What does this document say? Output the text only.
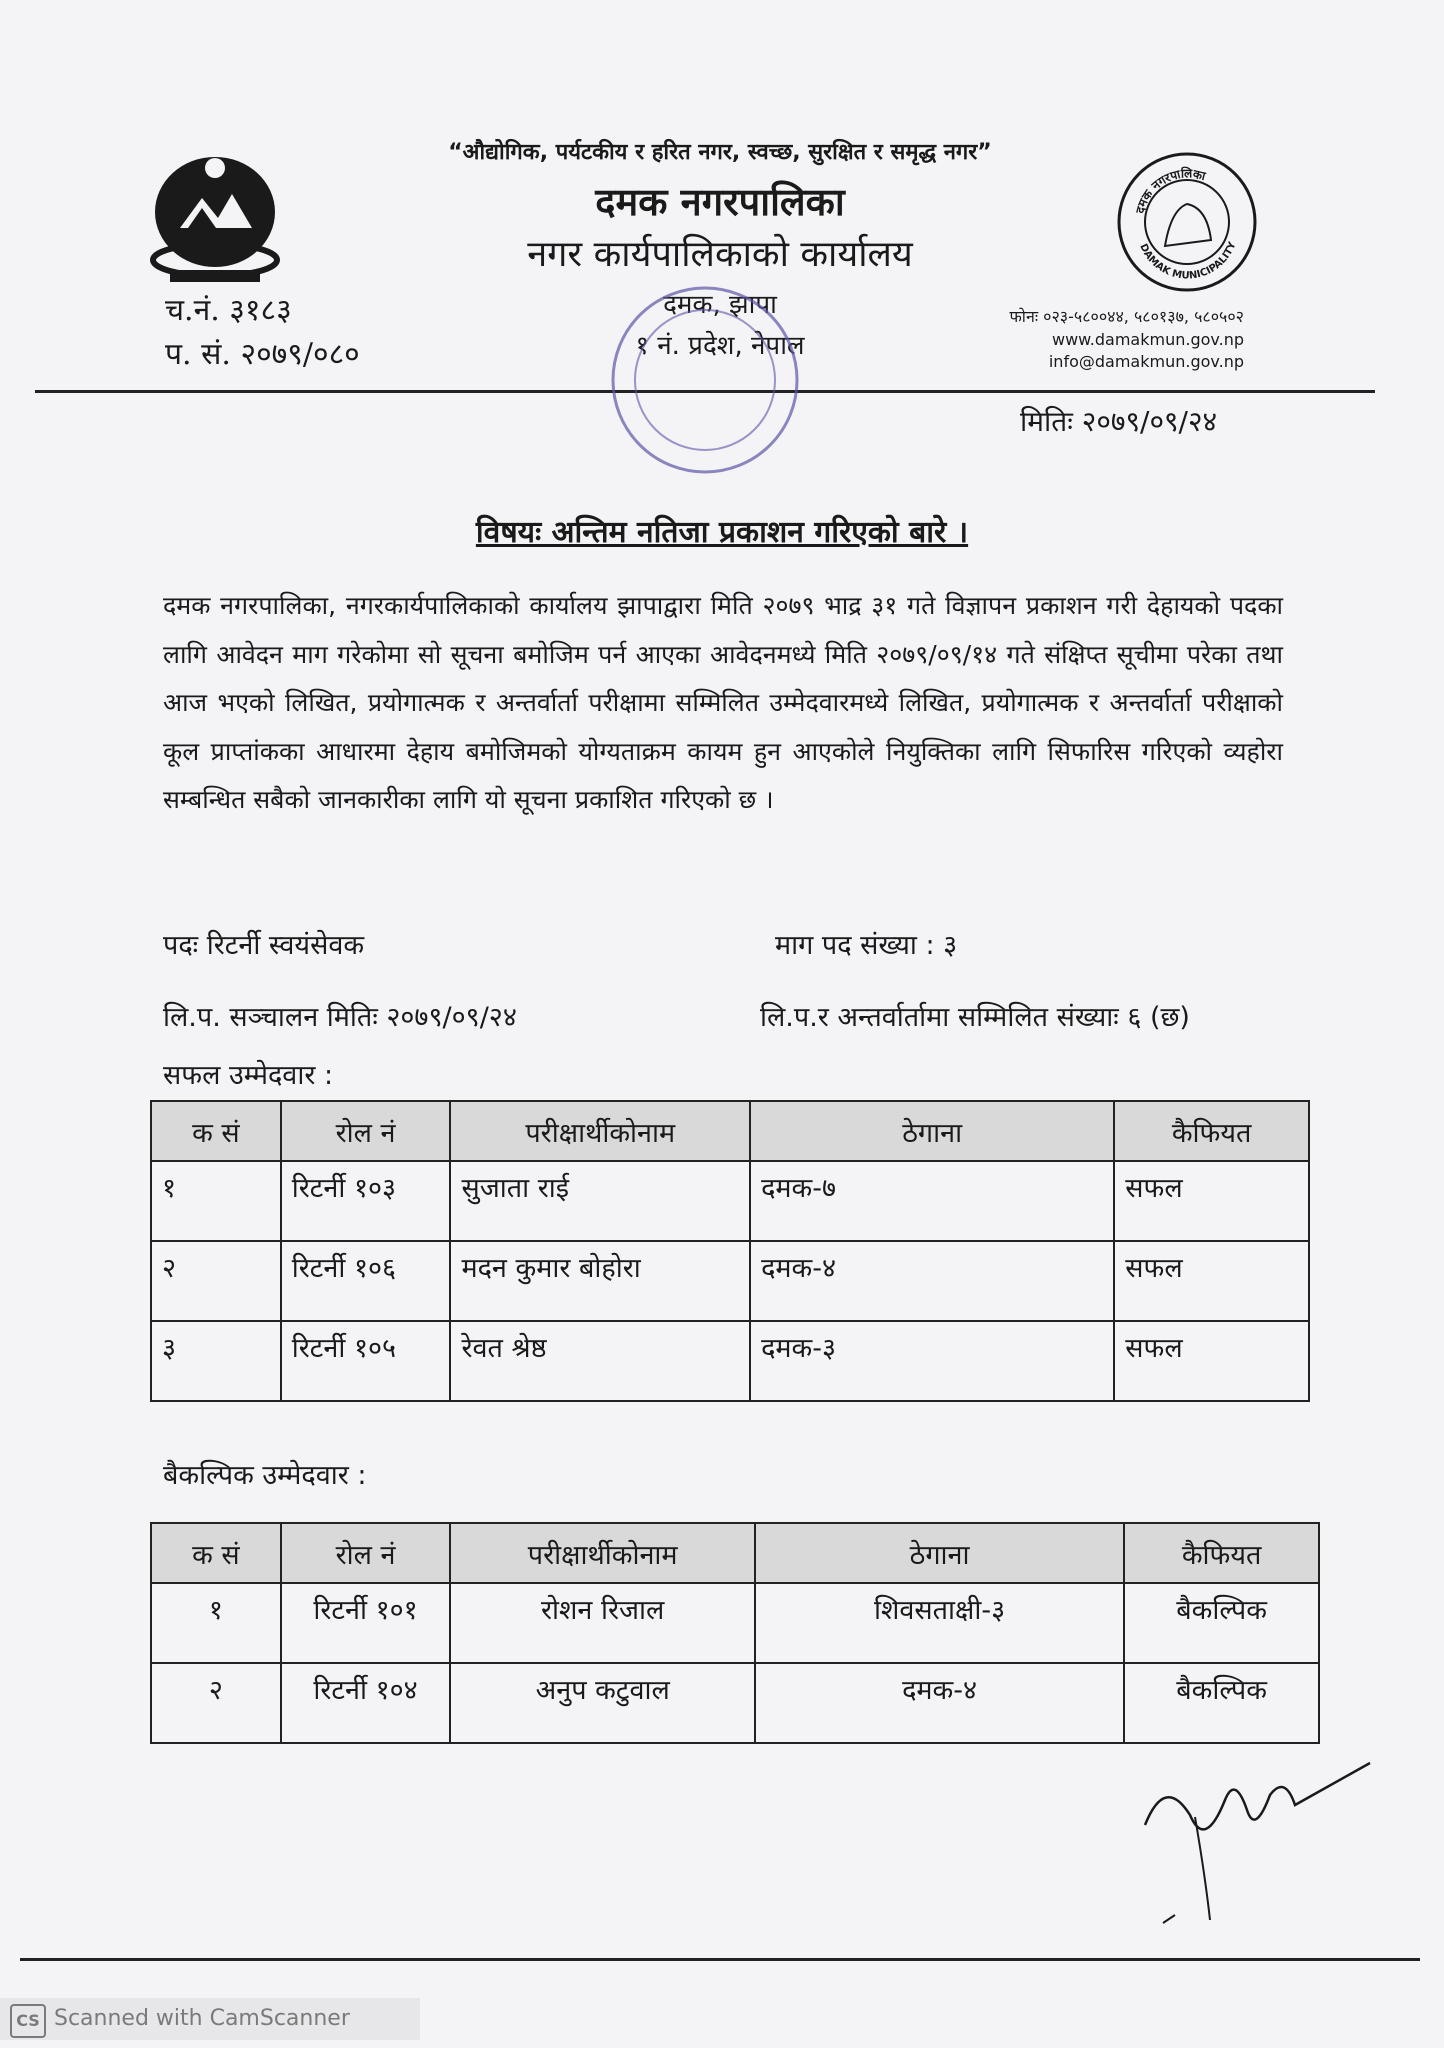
“औद्योगिक, पर्यटकीय र हरित नगर, स्वच्छ, सुरक्षित र समृद्ध नगर”
दमक नगरपालिका
नगर कार्यपालिकाको कार्यालय
दमक, झापा
१ नं. प्रदेश, नेपाल
दमक नगरपालिका
DAMAK MUNICIPALITY
च.नं. ३१८३
प. सं. २०७९/०८०
फोनः ०२३-५८००४४, ५८०१३७, ५८०५०२
www.damakmun.gov.np
info@damakmun.gov.np
मितिः २०७९/०९/२४
विषयः अन्तिम नतिजा प्रकाशन गरिएको बारे ।
दमक नगरपालिका, नगरकार्यपालिकाको कार्यालय झापाद्वारा मिति २०७९ भाद्र ३१ गते विज्ञापन प्रकाशन गरी देहायको पदका लागि आवेदन माग गरेकोमा सो सूचना बमोजिम पर्न आएका आवेदनमध्ये मिति २०७९/०९/१४ गते संक्षिप्त सूचीमा परेका तथा आज भएको लिखित, प्रयोगात्मक र अन्तर्वार्ता परीक्षामा सम्मिलित उम्मेदवारमध्ये लिखित, प्रयोगात्मक र अन्तर्वार्ता परीक्षाको कूल प्राप्तांकका आधारमा देहाय बमोजिमको योग्यताक्रम कायम हुन आएकोले नियुक्तिका लागि सिफारिस गरिएको व्यहोरा सम्बन्धित सबैको जानकारीका लागि यो सूचना प्रकाशित गरिएको छ ।
पदः रिटर्नी स्वयंसेवक	माग पद संख्या : ३
लि.प. सञ्चालन मितिः २०७९/०९/२४	लि.प.र अन्तर्वार्तामा सम्मिलित संख्याः ६ (छ)
सफल उम्मेदवार :
क सं	रोल नं	परीक्षार्थीकोनाम	ठेगाना	कैफियत
१	रिटर्नी १०३	सुजाता राई	दमक-७	सफल
२	रिटर्नी १०६	मदन कुमार बोहोरा	दमक-४	सफल
३	रिटर्नी १०५	रेवत श्रेष्ठ	दमक-३	सफल
बैकल्पिक उम्मेदवार :
क सं	रोल नं	परीक्षार्थीकोनाम	ठेगाना	कैफियत
१	रिटर्नी १०१	रोशन रिजाल	शिवसताक्षी-३	बैकल्पिक
२	रिटर्नी १०४	अनुप कटुवाल	दमक-४	बैकल्पिक
CS Scanned with CamScanner
